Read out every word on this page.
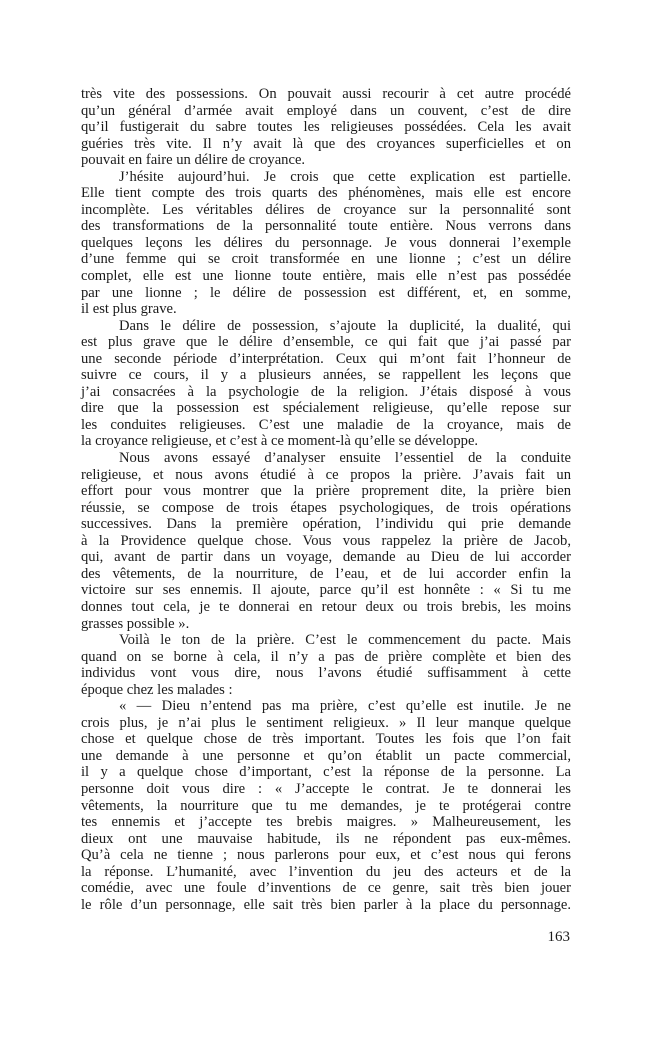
très vite des possessions. On pouvait aussi recourir à cet autre procédé
qu’un général d’armée avait employé dans un couvent, c’est de dire
qu’il fustigerait du sabre toutes les religieuses possédées. Cela les avait
guéries très vite. Il n’y avait là que des croyances superficielles et on
pouvait en faire un délire de croyance.
J’hésite aujourd’hui. Je crois que cette explication est partielle.
Elle tient compte des trois quarts des phénomènes, mais elle est encore
incomplète. Les véritables délires de croyance sur la personnalité sont
des transformations de la personnalité toute entière. Nous verrons dans
quelques leçons les délires du personnage. Je vous donnerai l’exemple
d’une femme qui se croit transformée en une lionne ; c’est un délire
complet, elle est une lionne toute entière, mais elle n’est pas possédée
par une lionne ; le délire de possession est différent, et, en somme,
il est plus grave.
Dans le délire de possession, s’ajoute la duplicité, la dualité, qui
est plus grave que le délire d’ensemble, ce qui fait que j’ai passé par
une seconde période d’interprétation. Ceux qui m’ont fait l’honneur de
suivre ce cours, il y a plusieurs années, se rappellent les leçons que
j’ai consacrées à la psychologie de la religion. J’étais disposé à vous
dire que la possession est spécialement religieuse, qu’elle repose sur
les conduites religieuses. C’est une maladie de la croyance, mais de
la croyance religieuse, et c’est à ce moment-là qu’elle se développe.
Nous avons essayé d’analyser ensuite l’essentiel de la conduite
religieuse, et nous avons étudié à ce propos la prière. J’avais fait un
effort pour vous montrer que la prière proprement dite, la prière bien
réussie, se compose de trois étapes psychologiques, de trois opérations
successives. Dans la première opération, l’individu qui prie demande
à la Providence quelque chose. Vous vous rappelez la prière de Jacob,
qui, avant de partir dans un voyage, demande au Dieu de lui accorder
des vêtements, de la nourriture, de l’eau, et de lui accorder enfin la
victoire sur ses ennemis. Il ajoute, parce qu’il est honnête : « Si tu me
donnes tout cela, je te donnerai en retour deux ou trois brebis, les moins
grasses possible ».
Voilà le ton de la prière. C’est le commencement du pacte. Mais
quand on se borne à cela, il n’y a pas de prière complète et bien des
individus vont vous dire, nous l’avons étudié suffisamment à cette
époque chez les malades :
« — Dieu n’entend pas ma prière, c’est qu’elle est inutile. Je ne
crois plus, je n’ai plus le sentiment religieux. » Il leur manque quelque
chose et quelque chose de très important. Toutes les fois que l’on fait
une demande à une personne et qu’on établit un pacte commercial,
il y a quelque chose d’important, c’est la réponse de la personne. La
personne doit vous dire : « J’accepte le contrat. Je te donnerai les
vêtements, la nourriture que tu me demandes, je te protégerai contre
tes ennemis et j’accepte tes brebis maigres. » Malheureusement, les
dieux ont une mauvaise habitude, ils ne répondent pas eux-mêmes.
Qu’à cela ne tienne ; nous parlerons pour eux, et c’est nous qui ferons
la réponse. L’humanité, avec l’invention du jeu des acteurs et de la
comédie, avec une foule d’inventions de ce genre, sait très bien jouer
le rôle d’un personnage, elle sait très bien parler à la place du personnage.
163
